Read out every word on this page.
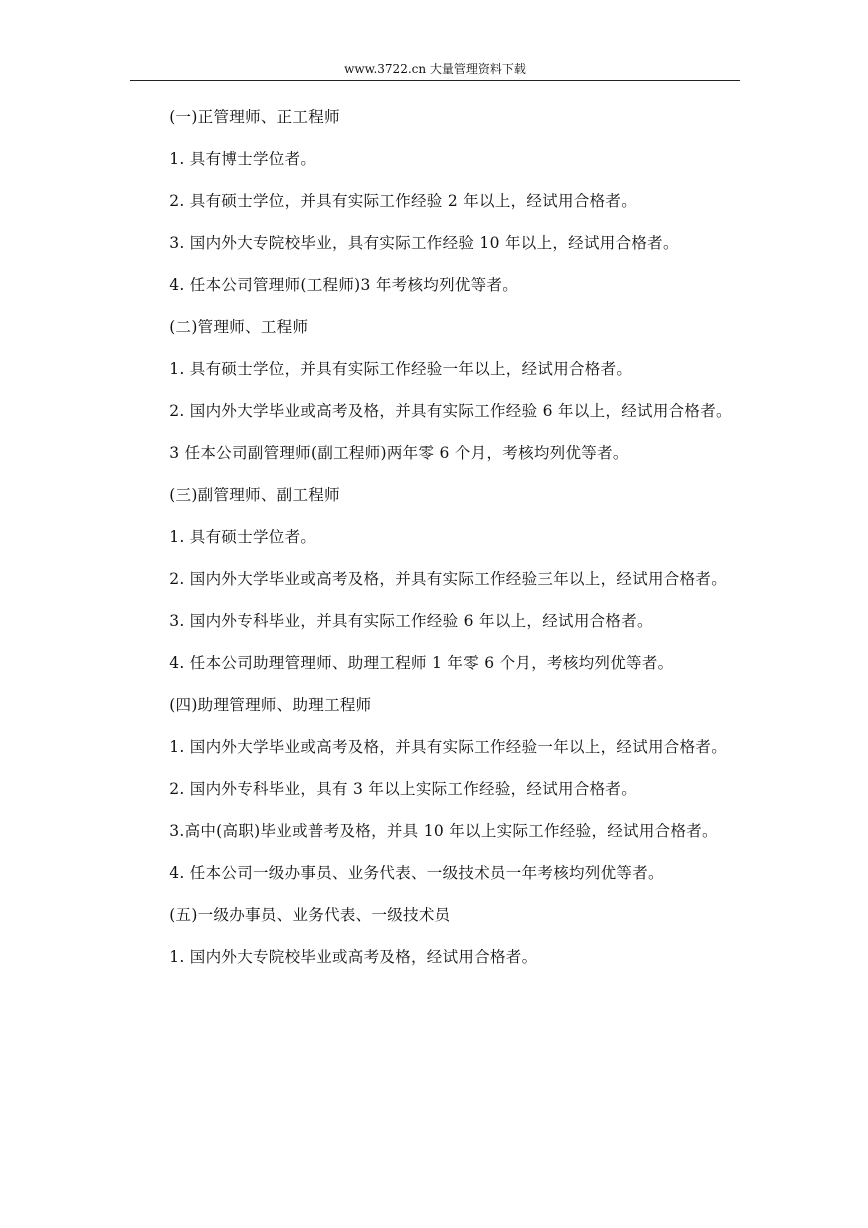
www.3722.cn 大量管理资料下载

(一)正管理师、正工程师

1. 具有博士学位者。

2. 具有硕士学位，并具有实际工作经验 2 年以上，经试用合格者。

3. 国内外大专院校毕业，具有实际工作经验 10 年以上，经试用合格者。

4. 任本公司管理师(工程师)3 年考核均列优等者。

(二)管理师、工程师

1. 具有硕士学位，并具有实际工作经验一年以上，经试用合格者。

2. 国内外大学毕业或高考及格，并具有实际工作经验 6 年以上，经试用合格者。

3 任本公司副管理师(副工程师)两年零 6 个月，考核均列优等者。

(三)副管理师、副工程师

1. 具有硕士学位者。

2. 国内外大学毕业或高考及格，并具有实际工作经验三年以上，经试用合格者。

3. 国内外专科毕业，并具有实际工作经验 6 年以上，经试用合格者。

4. 任本公司助理管理师、助理工程师 1 年零 6 个月，考核均列优等者。

(四)助理管理师、助理工程师

1. 国内外大学毕业或高考及格，并具有实际工作经验一年以上，经试用合格者。

2. 国内外专科毕业，具有 3 年以上实际工作经验，经试用合格者。

3.高中(高职)毕业或普考及格，并具 10 年以上实际工作经验，经试用合格者。

4. 任本公司一级办事员、业务代表、一级技术员一年考核均列优等者。

(五)一级办事员、业务代表、一级技术员

1. 国内外大专院校毕业或高考及格，经试用合格者。
